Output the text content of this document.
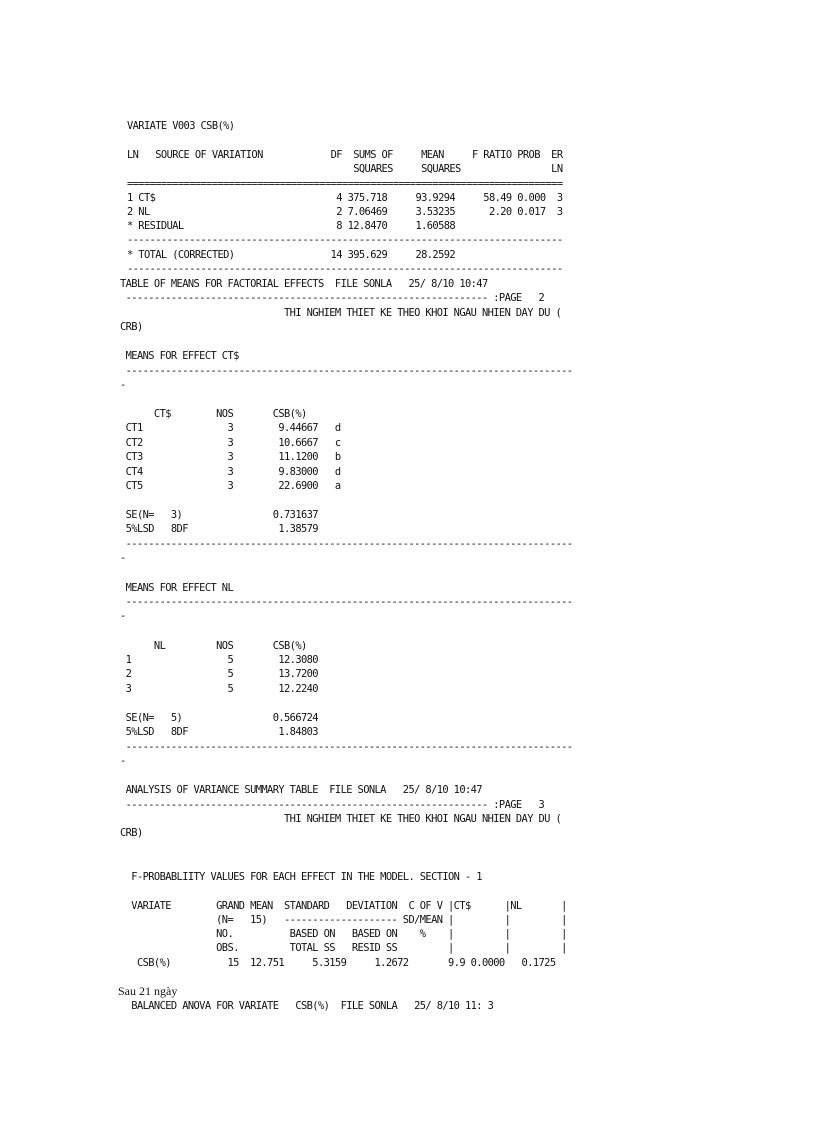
VARIATE V003 CSB(%)
LN   SOURCE OF VARIATION            DF  SUMS OF     MEAN     F RATIO PROB  ER
SQUARES     SQUARES                LN
=============================================================================
1 CT$                                4 375.718     93.9294     58.49 0.000  3
2 NL                                 2 7.06469     3.53235      2.20 0.017  3
* RESIDUAL                           8 12.8470     1.60588
-----------------------------------------------------------------------------
* TOTAL (CORRECTED)                 14 395.629     28.2592
-----------------------------------------------------------------------------
TABLE OF MEANS FOR FACTORIAL EFFECTS  FILE SONLA   25/ 8/10 10:47
---------------------------------------------------------------- :PAGE   2
THI NGHIEM THIET KE THEO KHOI NGAU NHIEN DAY DU (
CRB)
MEANS FOR EFFECT CT$
-------------------------------------------------------------------------------
-
CT$        NOS       CSB(%)
CT1               3        9.44667   d
CT2               3        10.6667   c
CT3               3        11.1200   b
CT4               3        9.83000   d
CT5               3        22.6900   a
SE(N=   3)                0.731637
5%LSD   8DF                1.38579
-------------------------------------------------------------------------------
-
MEANS FOR EFFECT NL
-------------------------------------------------------------------------------
-
NL         NOS       CSB(%)
1                 5        12.3080
2                 5        13.7200
3                 5        12.2240
SE(N=   5)                0.566724
5%LSD   8DF                1.84803
-------------------------------------------------------------------------------
-
ANALYSIS OF VARIANCE SUMMARY TABLE  FILE SONLA   25/ 8/10 10:47
---------------------------------------------------------------- :PAGE   3
THI NGHIEM THIET KE THEO KHOI NGAU NHIEN DAY DU (
CRB)
F-PROBABLIITY VALUES FOR EACH EFFECT IN THE MODEL. SECTION - 1
VARIATE        GRAND MEAN  STANDARD   DEVIATION  C OF V |CT$      |NL       |
(N=   15)   -------------------- SD/MEAN |         |         |
NO.          BASED ON   BASED ON    %    |         |         |
OBS.         TOTAL SS   RESID SS         |         |         |
CSB(%)          15  12.751     5.3159     1.2672       9.9 0.0000   0.1725
Sau 21 ngày
BALANCED ANOVA FOR VARIATE   CSB(%)  FILE SONLA   25/ 8/10 11: 3
